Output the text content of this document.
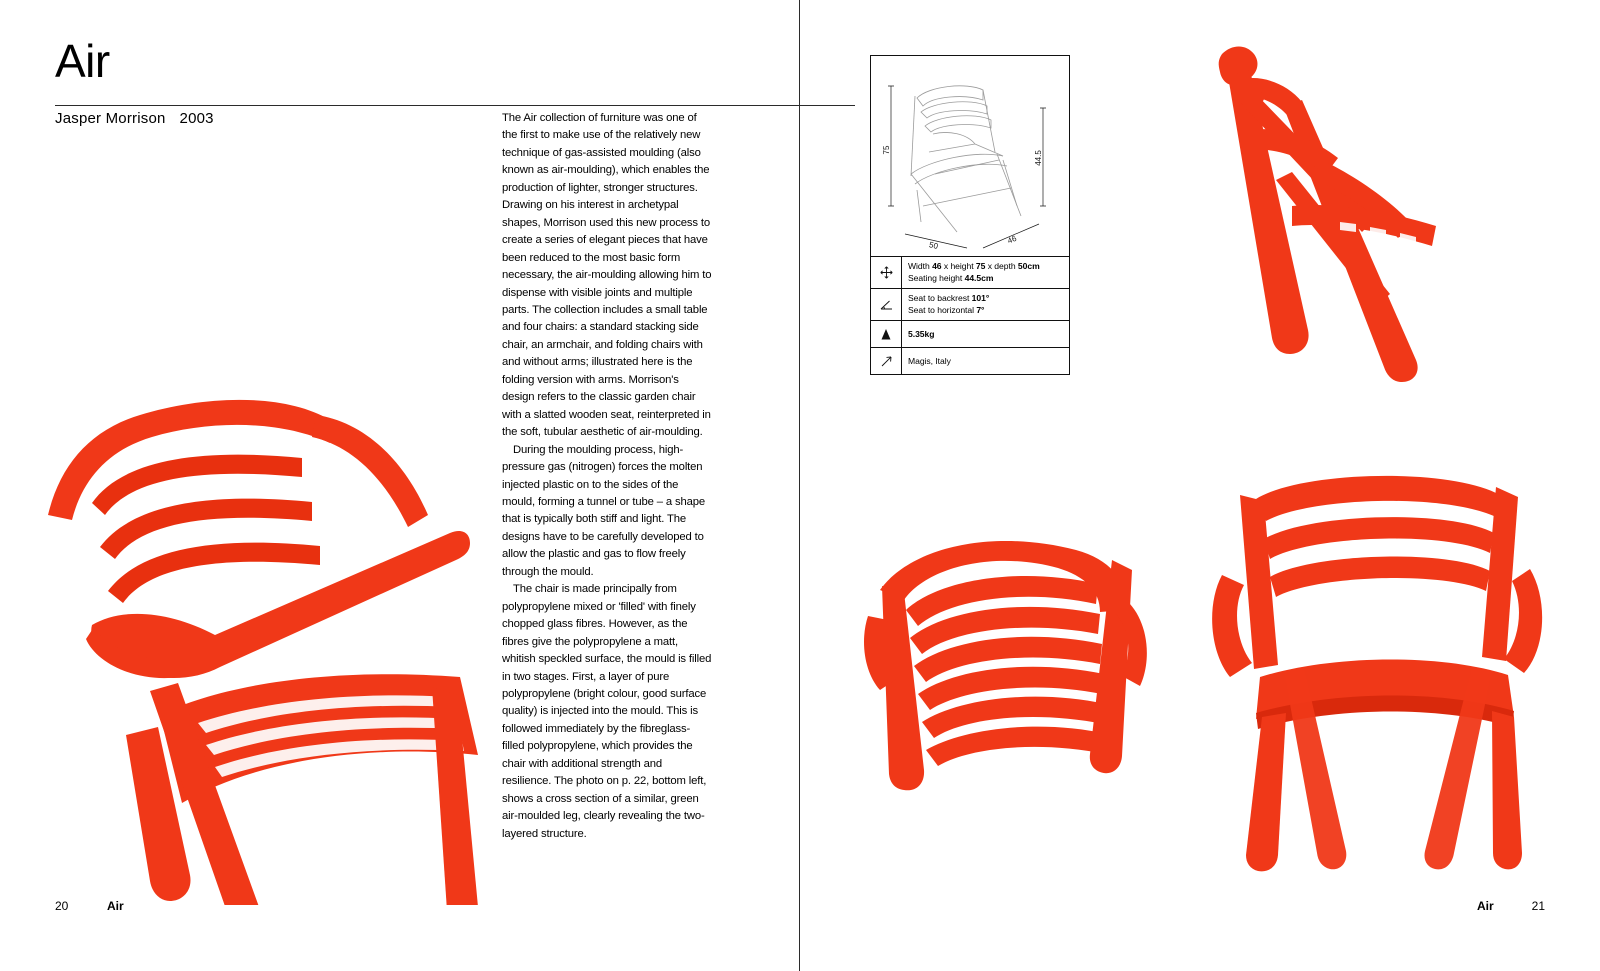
Air
Jasper Morrison 2003	The Air collection of furniture was one of the first to make use of the relatively new technique of gas-assisted moulding (also known as air-moulding), which enables the production of lighter, stronger structures. Drawing on his interest in archetypal shapes, Morrison used this new process to create a series of elegant pieces that have been reduced to the most basic form necessary, the air-moulding allowing him to dispense with visible joints and multiple parts. The collection includes a small table and four chairs: a standard stacking side chair, an armchair, and folding chairs with and without arms; illustrated here is the folding version with arms. Morrison's design refers to the classic garden chair with a slatted wooden seat, reinterpreted in the soft, tubular aesthetic of air-moulding.

During the moulding process, high-pressure gas (nitrogen) forces the molten injected plastic on to the sides of the mould, forming a tunnel or tube – a shape that is typically both stiff and light. The designs have to be carefully developed to allow the plastic and gas to flow freely through the mould.

The chair is made principally from polypropylene mixed or 'filled' with finely chopped glass fibres. However, as the fibres give the polypropylene a matt, whitish speckled surface, the mould is filled in two stages. First, a layer of pure polypropylene (bright colour, good surface quality) is injected into the mould. This is followed immediately by the fibreglass-filled polypropylene, which provides the chair with additional strength and resilience. The photo on p. 22, bottom left, shows a cross section of a similar, green air-moulded leg, clearly revealing the two-layered structure.

20	Air
75
44.5
50	46
Width 46 x height 75 x depth 50cm
Seating height 44.5cm
Seat to backrest 101°
Seat to horizontal 7°
5.35kg
Magis, Italy
Air	21
